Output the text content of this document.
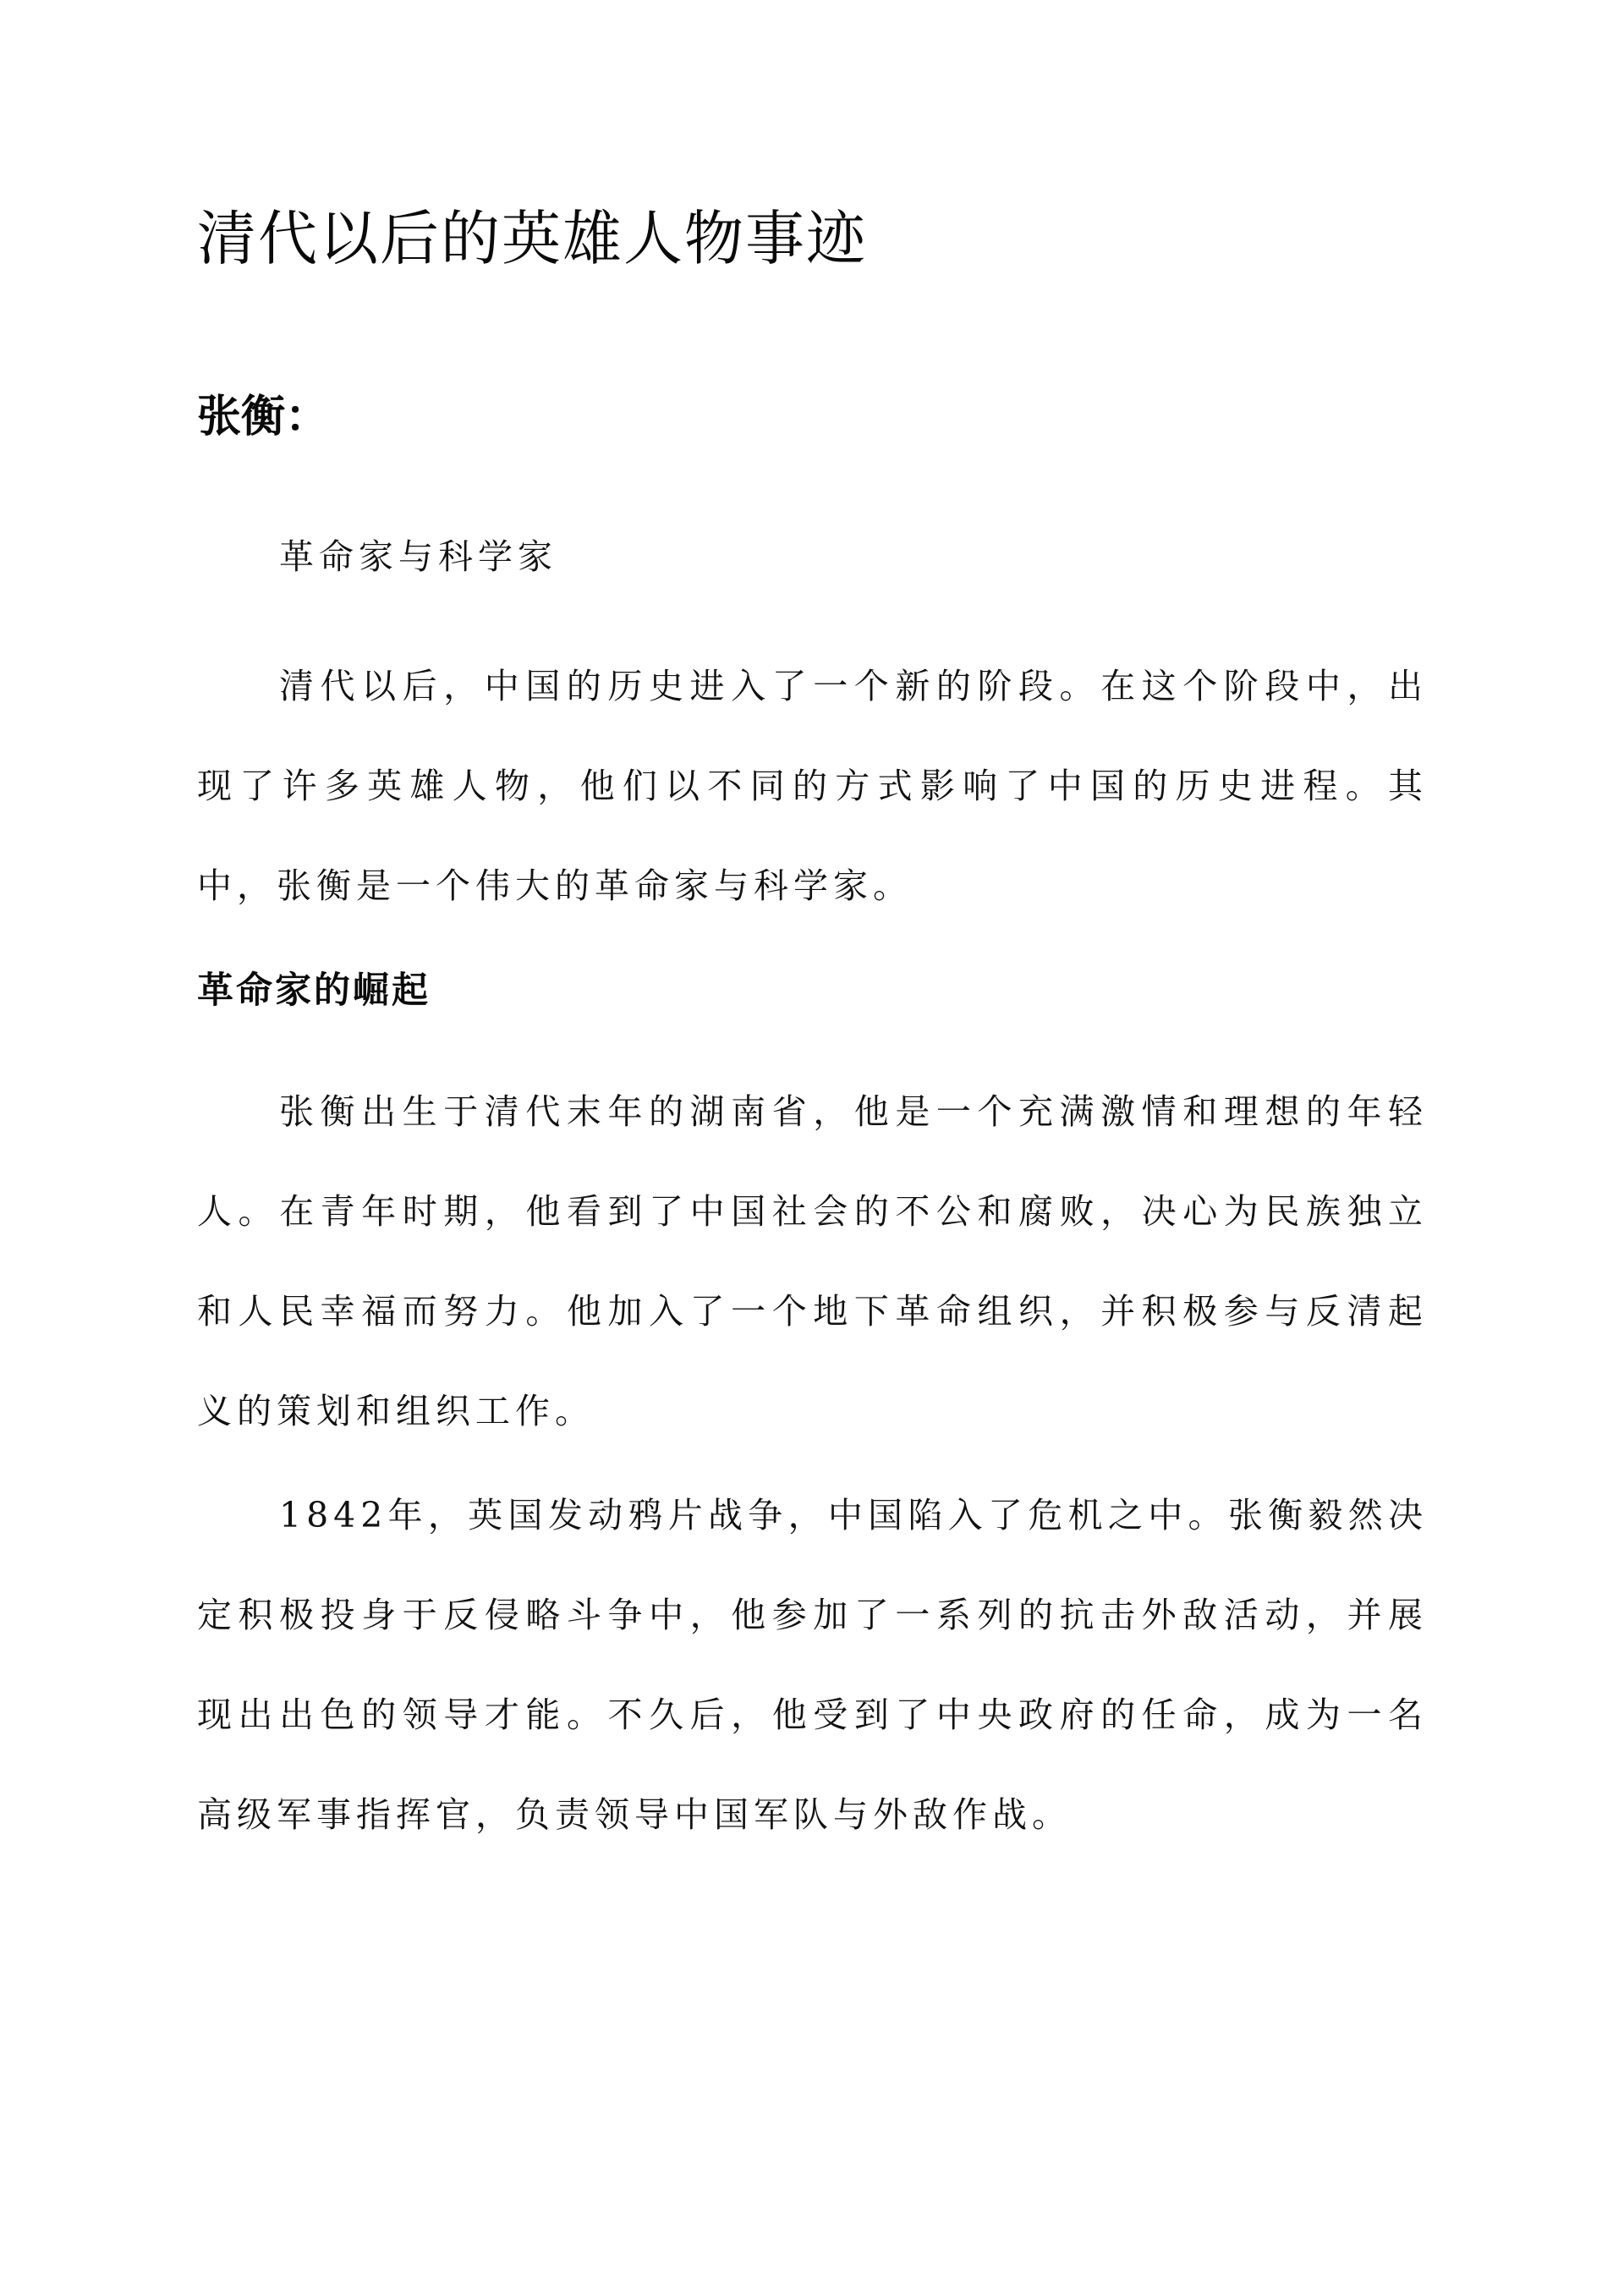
清代以后的英雄人物事迹
张衡：

革命家与科学家

清代以后，中国的历史进入了一个新的阶段。在这个阶段中，出现了许多英雄人物，他们以不同的方式影响了中国的历史进程。其中，张衡是一个伟大的革命家与科学家。

革命家的崛起

张衡出生于清代末年的湖南省，他是一个充满激情和理想的年轻人。在青年时期，他看到了中国社会的不公和腐败，决心为民族独立和人民幸福而努力。他加入了一个地下革命组织，并积极参与反清起义的策划和组织工作。

1842年，英国发动鸦片战争，中国陷入了危机之中。张衡毅然决定积极投身于反侵略斗争中，他参加了一系列的抗击外敌活动，并展现出出色的领导才能。不久后，他受到了中央政府的任命，成为一名高级军事指挥官，负责领导中国军队与外敌作战。
